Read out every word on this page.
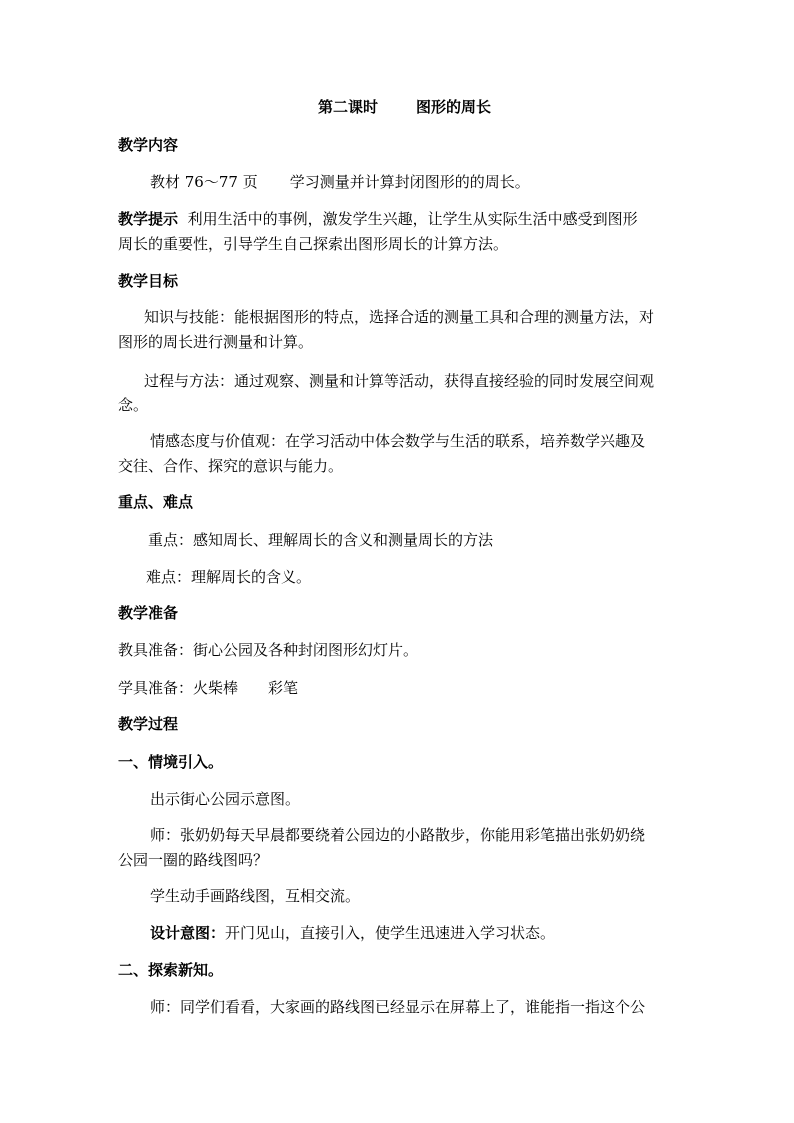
第二课时	图形的周长
教学内容
教材 76～77 页 学习测量并计算封闭图形的的周长。
教学提示 利用生活中的事例，激发学生兴趣，让学生从实际生活中感受到图形
周长的重要性，引导学生自己探索出图形周长的计算方法。
教学目标
知识与技能：能根据图形的特点，选择合适的测量工具和合理的测量方法，对
图形的周长进行测量和计算。
过程与方法：通过观察、测量和计算等活动，获得直接经验的同时发展空间观
念。
情感态度与价值观：在学习活动中体会数学与生活的联系，培养数学兴趣及
交往、合作、探究的意识与能力。
重点、难点
重点：感知周长、理解周长的含义和测量周长的方法
难点：理解周长的含义。
教学准备
教具准备：街心公园及各种封闭图形幻灯片。
学具准备：火柴棒 彩笔
教学过程
一、情境引入。
出示街心公园示意图。
师：张奶奶每天早晨都要绕着公园边的小路散步，你能用彩笔描出张奶奶绕
公园一圈的路线图吗？
学生动手画路线图，互相交流。
设计意图：开门见山，直接引入，使学生迅速进入学习状态。
二、探索新知。
师：同学们看看，大家画的路线图已经显示在屏幕上了，谁能指一指这个公
